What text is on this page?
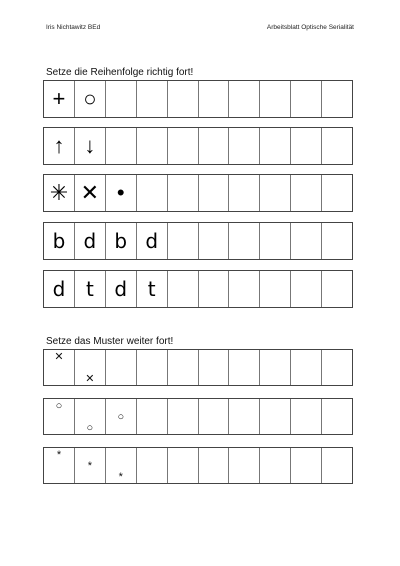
Iris Nichtawitz BEd	Arbeitsblatt Optische Serialität
Setze die Reihenfolge richtig fort!
Setze das Muster weiter fort!
+ ○
↑ ↓
✳ ✕ •
b d b d
d t d t
✕
✕
○
○
○
*
*
*
